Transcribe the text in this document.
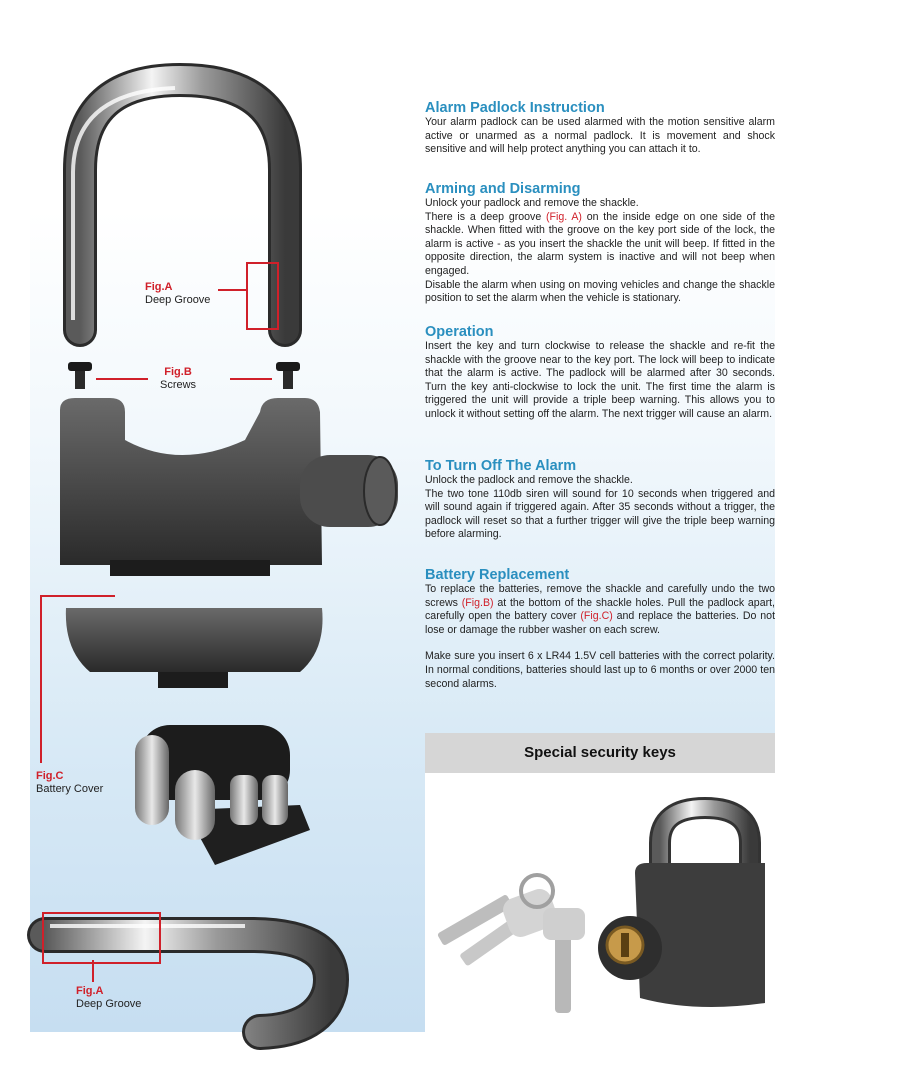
Fig.A
Deep Groove
Fig.B
Screws
Fig.C
Battery Cover
Fig.A
Deep Groove
Alarm Padlock Instruction

Your alarm padlock can be used alarmed with the motion sensitive alarm active or unarmed as a normal padlock. It is movement and shock sensitive and will help protect anything you can attach it to.

Arming and Disarming

Unlock your padlock and remove the shackle.

There is a deep groove (Fig. A) on the inside edge on one side of the shackle. When fitted with the groove on the key port side of the lock, the alarm is active - as you insert the shackle the unit will beep. If fitted in the opposite direction, the alarm system is inactive and will not beep when engaged.

Disable the alarm when using on moving vehicles and change the shackle position to set the alarm when the vehicle is stationary.

Operation

Insert the key and turn clockwise to release the shackle and re-fit the shackle with the groove near to the key port. The lock will beep to indicate that the alarm is active. The padlock will be alarmed after 30 seconds. Turn the key anti-clockwise to lock the unit. The first time the alarm is triggered the unit will provide a triple beep warning. This allows you to unlock it without setting off the alarm. The next trigger will cause an alarm.

To Turn Off The Alarm

Unlock the padlock and remove the shackle.

The two tone 110db siren will sound for 10 seconds when triggered and will sound again if triggered again. After 35 seconds without a trigger, the padlock will reset so that a further trigger will give the triple beep warning before alarming.

Battery Replacement

To replace the batteries, remove the shackle and carefully undo the two screws (Fig.B) at the bottom of the shackle holes. Pull the padlock apart, carefully open the battery cover (Fig.C) and replace the batteries. Do not lose or damage the rubber washer on each screw.

Make sure you insert 6 x LR44 1.5V cell batteries with the correct polarity. In normal conditions, batteries should last up to 6 months or over 2000 ten second alarms.

Special security keys
